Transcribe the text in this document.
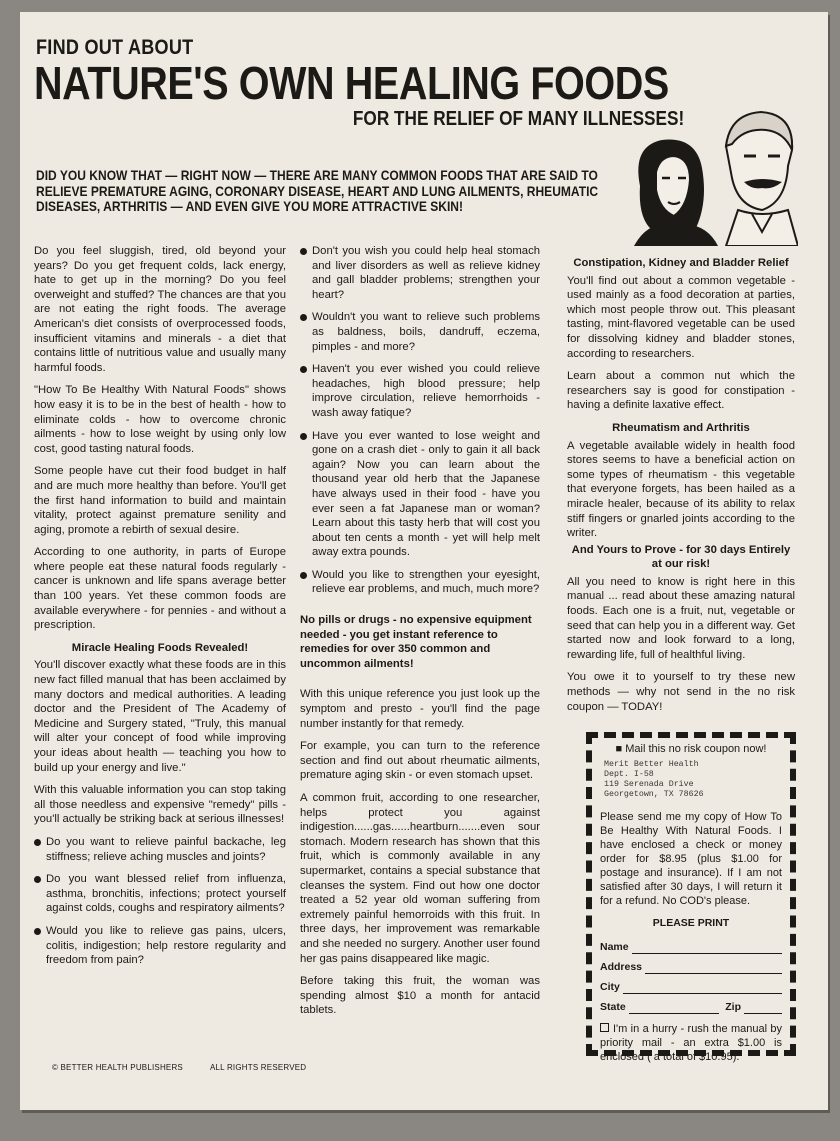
FIND OUT ABOUT
NATURE'S OWN HEALING FOODS
FOR THE RELIEF OF MANY ILLNESSES!
DID YOU KNOW THAT — RIGHT NOW — THERE ARE MANY COMMON FOODS THAT ARE SAID TO RELIEVE PREMATURE AGING, CORONARY DISEASE, HEART AND LUNG AILMENTS, RHEUMATIC DISEASES, ARTHRITIS — AND EVEN GIVE YOU MORE ATTRACTIVE SKIN!

Do you feel sluggish, tired, old beyond your years? Do you get frequent colds, lack energy, hate to get up in the morning? Do you feel overweight and stuffed? The chances are that you are not eating the right foods. The average American's diet consists of overprocessed foods, insufficient vitamins and minerals - a diet that contains little of nutritious value and usually many harmful foods.

"How To Be Healthy With Natural Foods" shows how easy it is to be in the best of health - how to eliminate colds - how to overcome chronic ailments - how to lose weight by using only low cost, good tasting natural foods.

Some people have cut their food budget in half and are much more healthy than before. You'll get the first hand information to build and maintain vitality, protect against premature senility and aging, promote a rebirth of sexual desire.

According to one authority, in parts of Europe where people eat these natural foods regularly - cancer is unknown and life spans average better than 100 years. Yet these common foods are available everywhere - for pennies - and without a prescription.

Miracle Healing Foods Revealed!

You'll discover exactly what these foods are in this new fact filled manual that has been acclaimed by many doctors and medical authorities. A leading doctor and the President of The Academy of Medicine and Surgery stated, "Truly, this manual will alter your concept of food while improving your ideas about health — teaching you how to build up your energy and live."

With this valuable information you can stop taking all those needless and expensive "remedy" pills - you'll actually be striking back at serious illnesses!

Do you want to relieve painful backache, leg stiffness; relieve aching muscles and joints?
Do you want blessed relief from influenza, asthma, bronchitis, infections; protect yourself against colds, coughs and respiratory ailments?
Would you like to relieve gas pains, ulcers, colitis, indigestion; help restore regularity and freedom from pain?
Don't you wish you could help heal stomach and liver disorders as well as relieve kidney and gall bladder problems; strengthen your heart?
Wouldn't you want to relieve such problems as baldness, boils, dandruff, eczema, pimples - and more?
Haven't you ever wished you could relieve headaches, high blood pressure; help improve circulation, relieve hemorrhoids - wash away fatique?
Have you ever wanted to lose weight and gone on a crash diet - only to gain it all back again? Now you can learn about the thousand year old herb that the Japanese have always used in their food - have you ever seen a fat Japanese man or woman? Learn about this tasty herb that will cost you about ten cents a month - yet will help melt away extra pounds.
Would you like to strengthen your eyesight, relieve ear problems, and much, much more?

No pills or drugs - no expensive equipment needed - you get instant reference to remedies for over 350 common and uncommon ailments!

With this unique reference you just look up the symptom and presto - you'll find the page number instantly for that remedy.

For example, you can turn to the reference section and find out about rheumatic ailments, premature aging skin - or even stomach upset.

A common fruit, according to one researcher, helps protect you against indigestion......gas......heartburn.......even sour stomach. Modern research has shown that this fruit, which is commonly available in any supermarket, contains a special substance that cleanses the system. Find out how one doctor treated a 52 year old woman suffering from extremely painful hemorroids with this fruit. In three days, her improvement was remarkable and she needed no surgery. Another user found her gas pains disappeared like magic.

Before taking this fruit, the woman was spending almost $10 a month for antacid tablets.

Constipation, Kidney and Bladder Relief

You'll find out about a common vegetable - used mainly as a food decoration at parties, which most people throw out. This pleasant tasting, mint-flavored vegetable can be used for dissolving kidney and bladder stones, according to researchers.

Learn about a common nut which the researchers say is good for constipation - having a definite laxative effect.

Rheumatism and Arthritis

A vegetable available widely in health food stores seems to have a beneficial action on some types of rheumatism - this vegetable that everyone forgets, has been hailed as a miracle healer, because of its ability to relax stiff fingers or gnarled joints according to the writer.

And Yours to Prove - for 30 days Entirely at our risk!

All you need to know is right here in this manual ... read about these amazing natural foods. Each one is a fruit, nut, vegetable or seed that can help you in a different way. Get started now and look forward to a long, rewarding life, full of healthful living.

You owe it to yourself to try these new methods — why not send in the no risk coupon — TODAY!

■ Mail this no risk coupon now!
Merit Better Health
Dept. I-58
119 Serenada Drive
Georgetown, TX 78626
Please send me my copy of How To Be Healthy With Natural Foods. I have enclosed a check or money order for $8.95 (plus $1.00 for postage and insurance). If I am not satisfied after 30 days, I will return it for a refund. No COD's please.
PLEASE PRINT
Name
Address
City
State	Zip
I'm in a hurry - rush the manual by priority mail - an extra $1.00 is enclosed ( a total of $10.95).
© BETTER HEALTH PUBLISHERS	ALL RIGHTS RESERVED
